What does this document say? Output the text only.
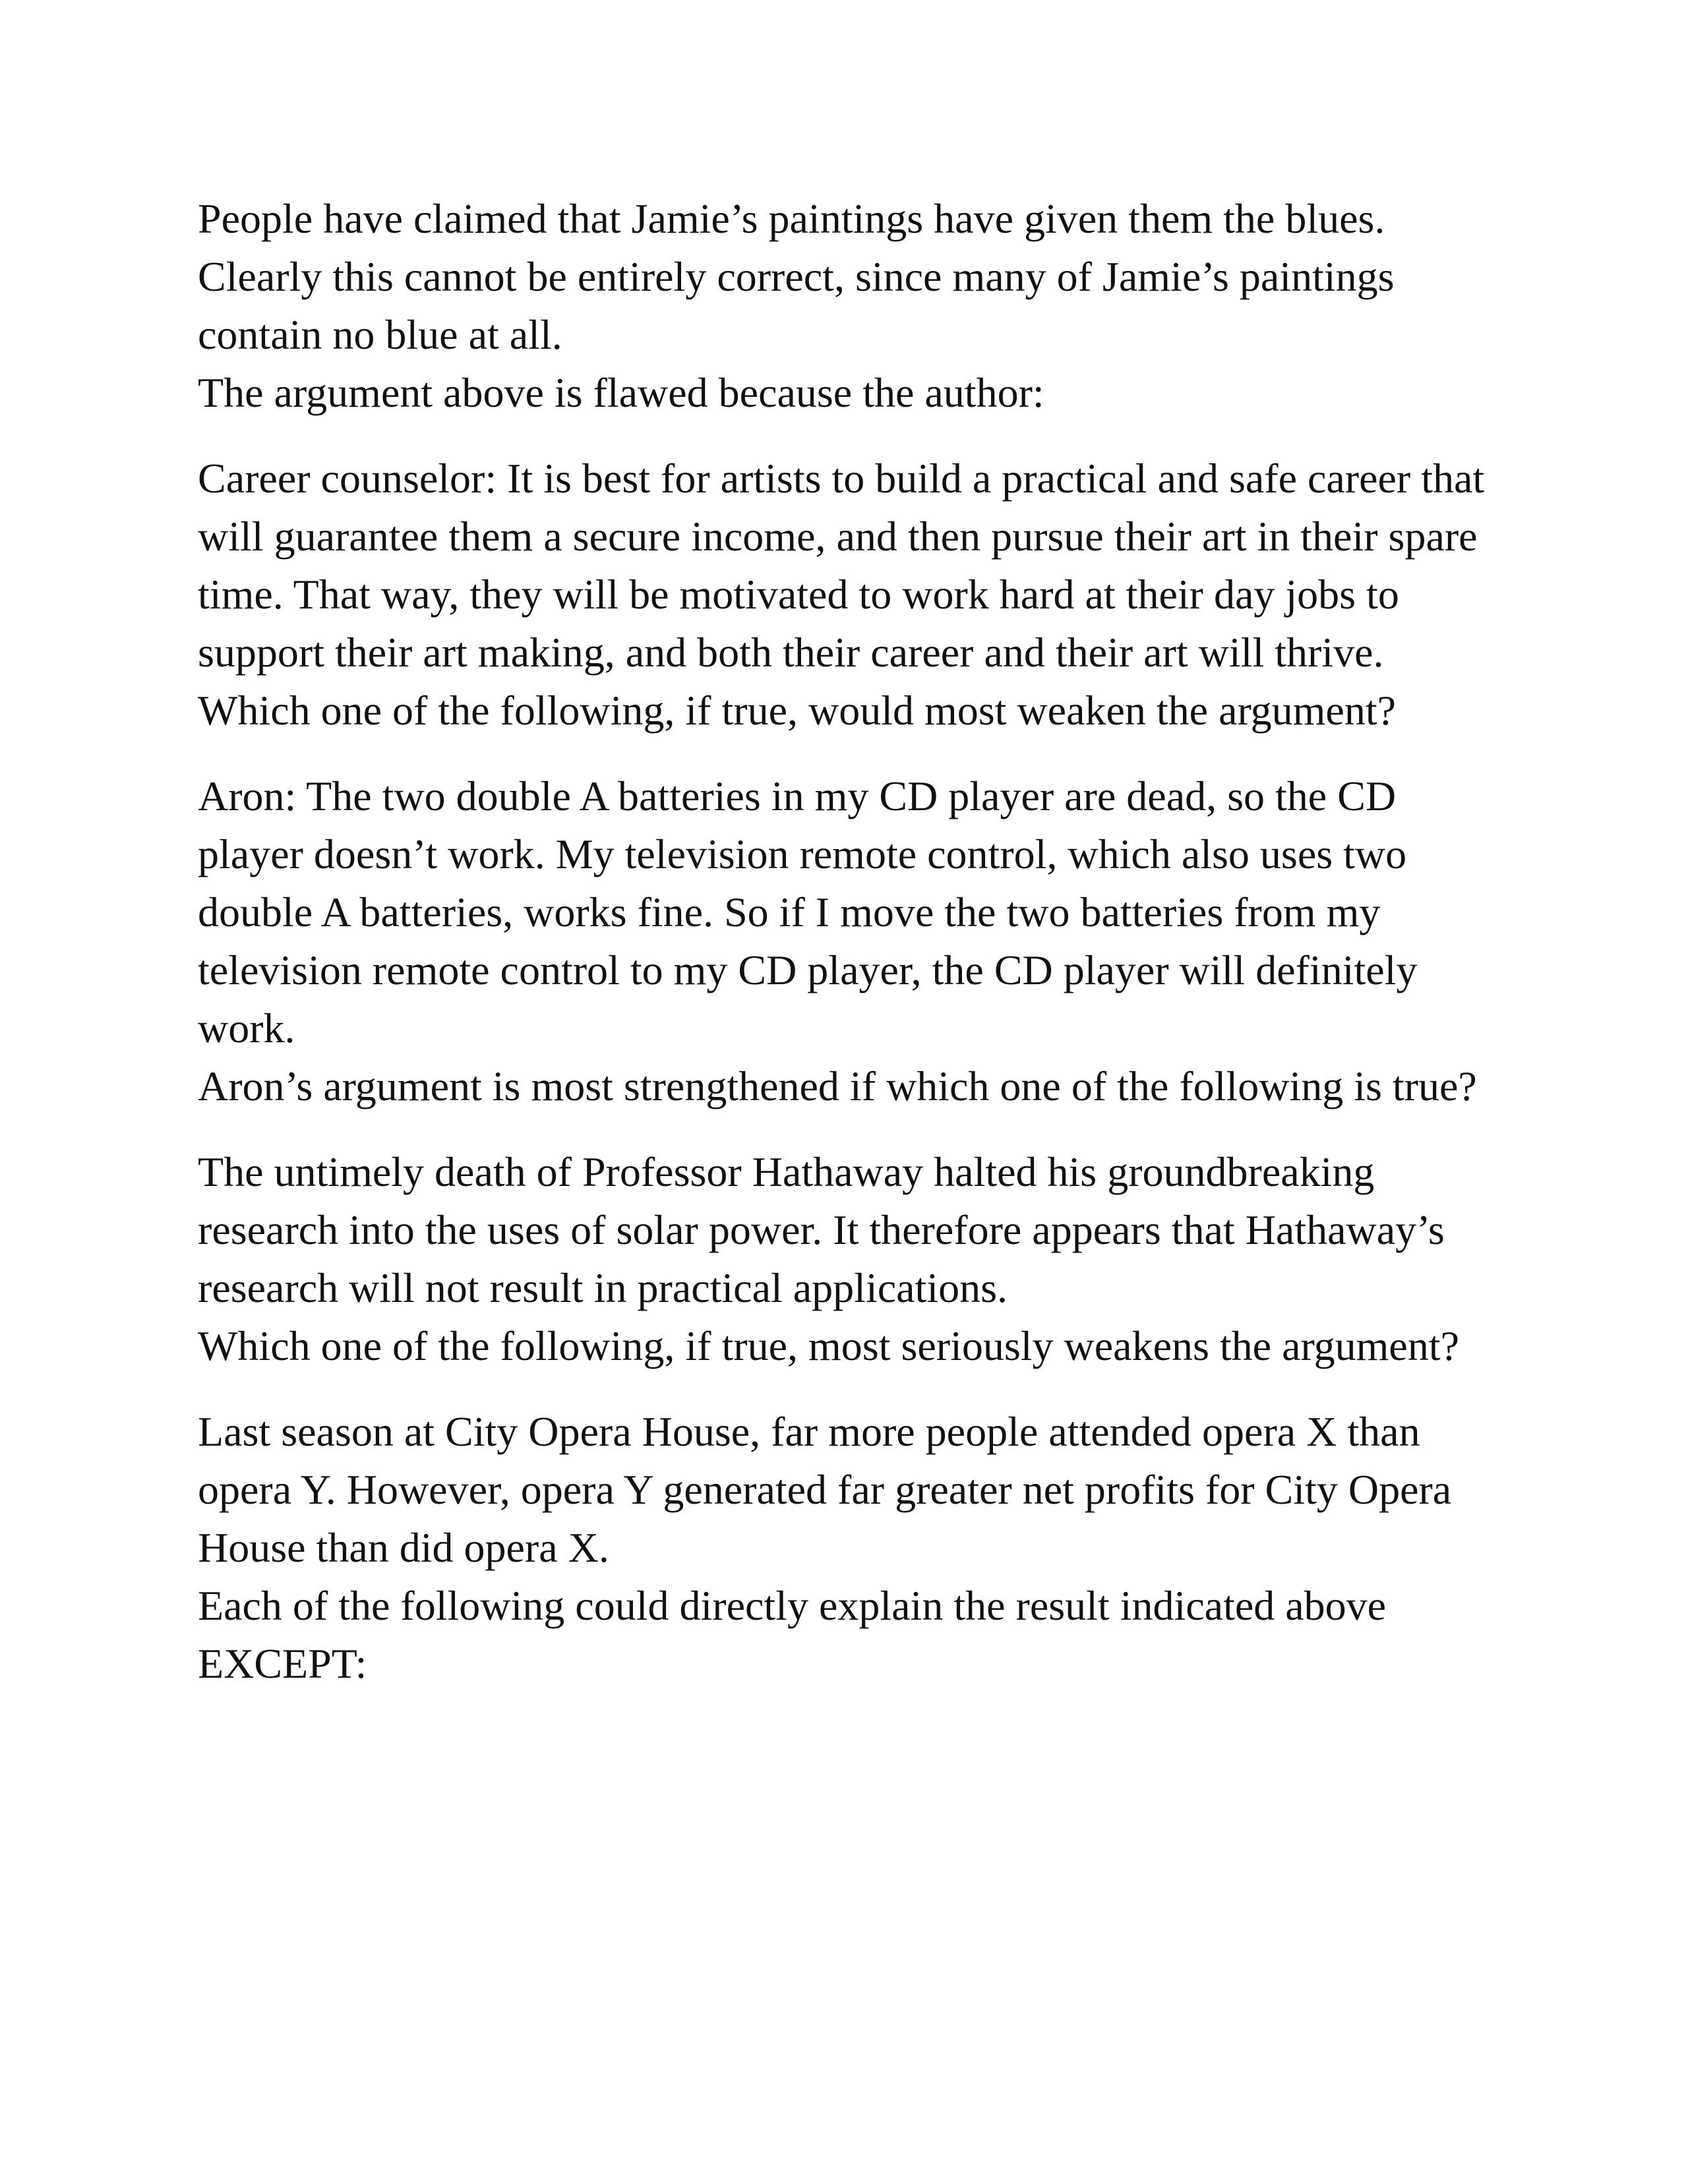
People have claimed that Jamie’s paintings have given them the blues. Clearly this cannot be entirely correct, since many of Jamie’s paintings contain no blue at all.

The argument above is flawed because the author:

Career counselor: It is best for artists to build a practical and safe career that will guarantee them a secure income, and then pursue their art in their spare time. That way, they will be motivated to work hard at their day jobs to support their art making, and both their career and their art will thrive.

Which one of the following, if true, would most weaken the argument?

Aron: The two double A batteries in my CD player are dead, so the CD player doesn’t work. My television remote control, which also uses two double A batteries, works fine. So if I move the two batteries from my television remote control to my CD player, the CD player will definitely work.

Aron’s argument is most strengthened if which one of the following is true?

The untimely death of Professor Hathaway halted his groundbreaking research into the uses of solar power. It therefore appears that Hathaway’s research will not result in practical applications.

Which one of the following, if true, most seriously weakens the argument?

Last season at City Opera House, far more people attended opera X than opera Y. However, opera Y generated far greater net profits for City Opera House than did opera X.

Each of the following could directly explain the result indicated above EXCEPT:
